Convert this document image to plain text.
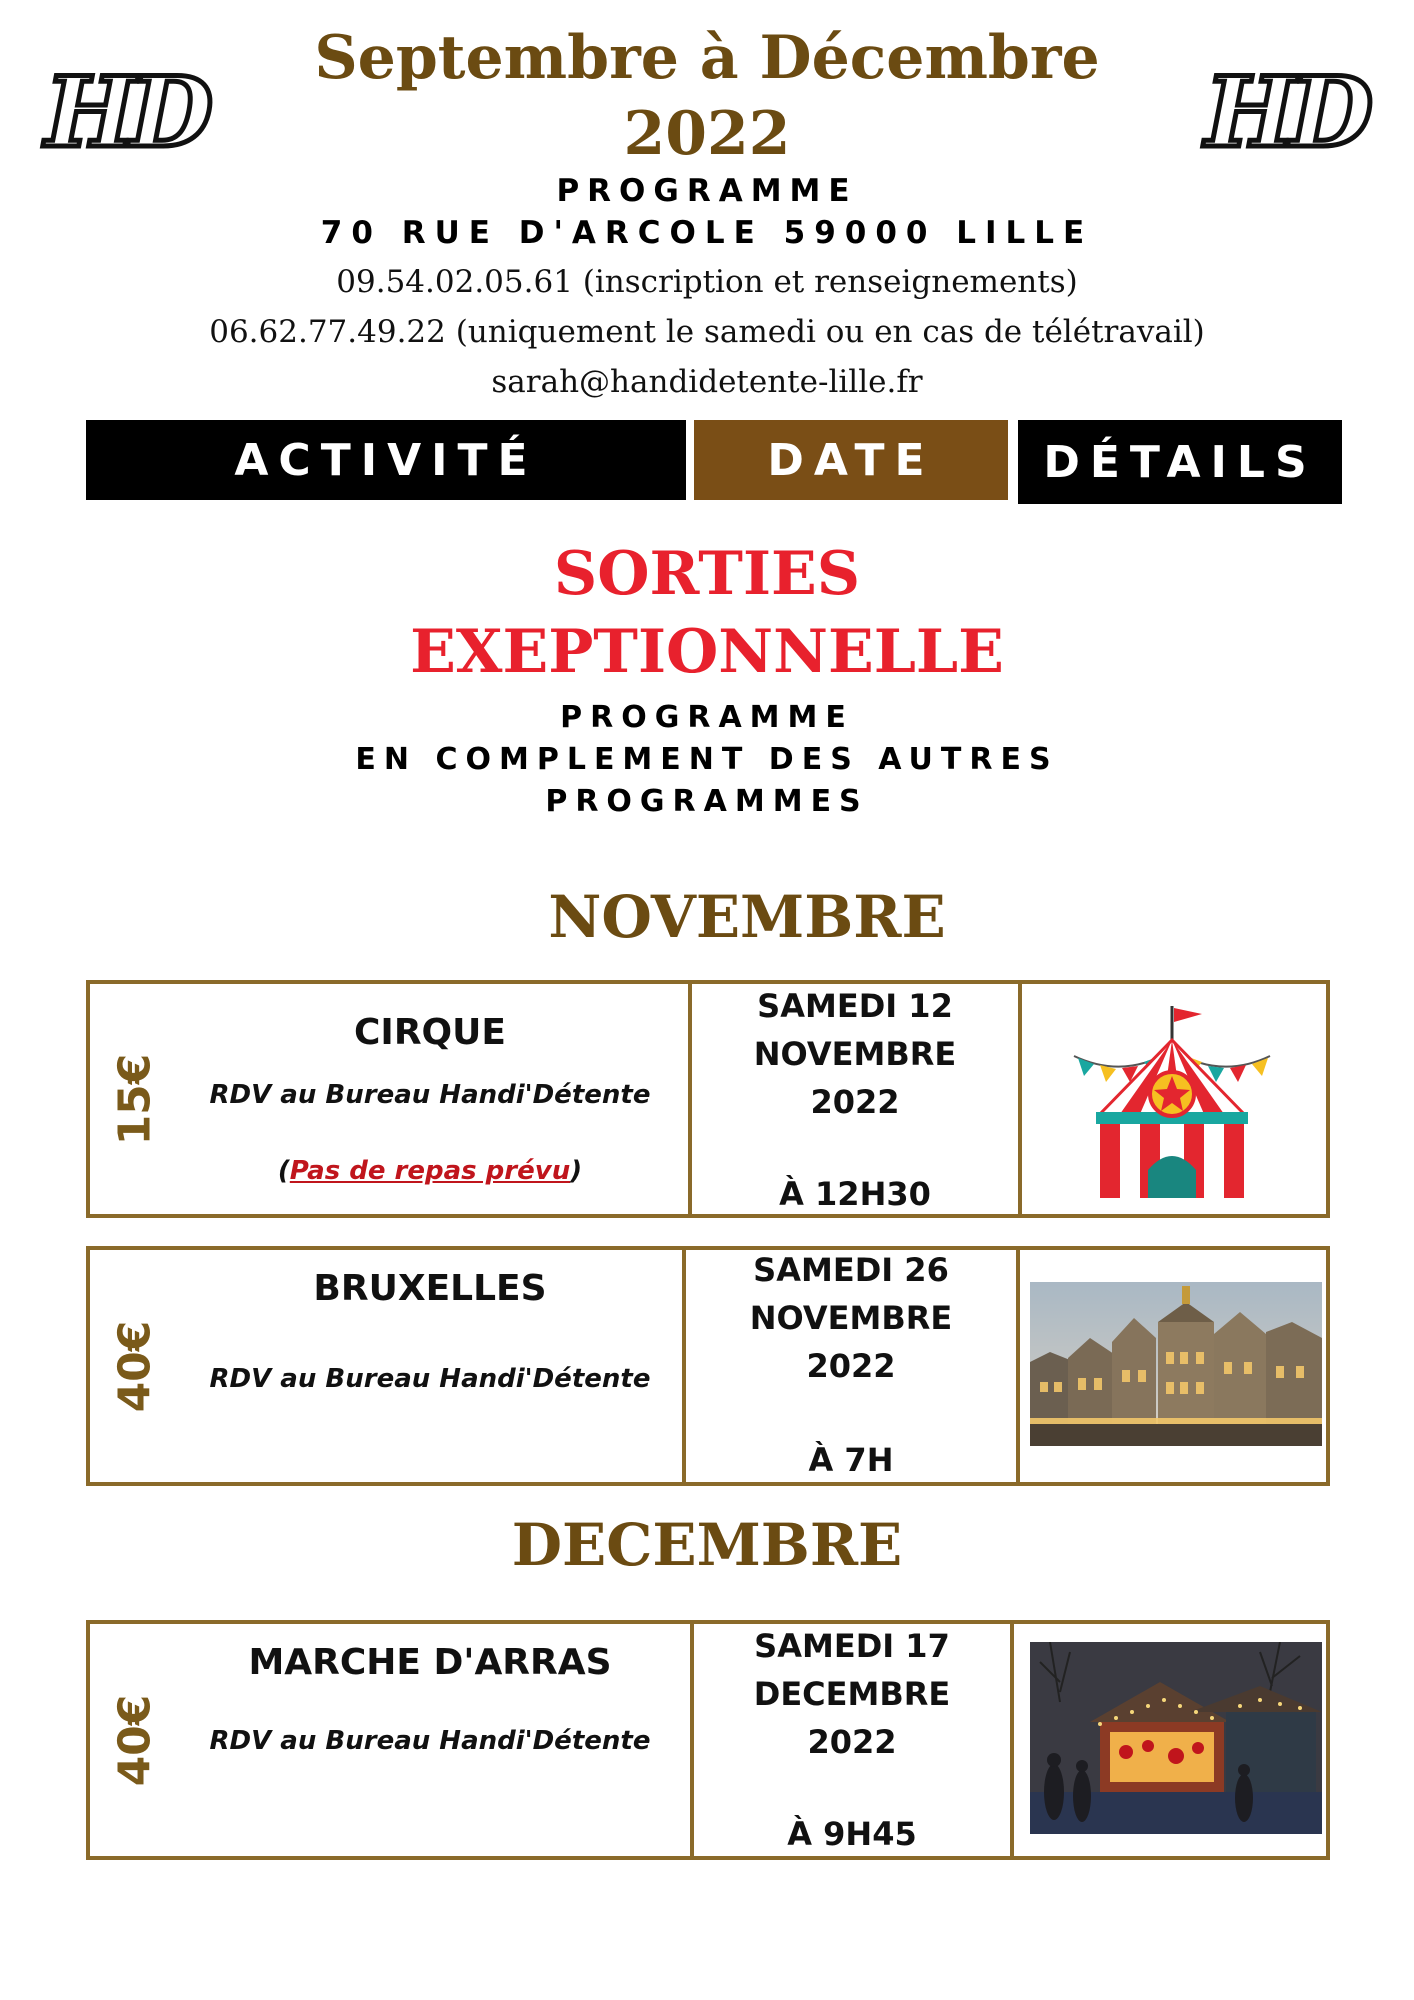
HD	HD
Septembre à Décembre
2022
PROGRAMME
70 RUE D'ARCOLE 59000 LILLE
09.54.02.05.61 (inscription et renseignements)
06.62.77.49.22 (uniquement le samedi ou en cas de télétravail)
sarah@handidetente-lille.fr
ACTIVITÉ	DATE DÉTAILS
SORTIES
EXEPTIONNELLE
PROGRAMME
EN COMPLEMENT DES AUTRES
PROGRAMMES
NOVEMBRE
15€
CIRQUE
RDV au Bureau Handi'Détente
(Pas de repas prévu)
SAMEDI 12
NOVEMBRE
2022
À 12H30
40€
BRUXELLES
RDV au Bureau Handi'Détente
SAMEDI 26
NOVEMBRE
2022
À 7H
DECEMBRE
40€
MARCHE D'ARRAS
RDV au Bureau Handi'Détente
SAMEDI 17
DECEMBRE
2022
À 9H45
